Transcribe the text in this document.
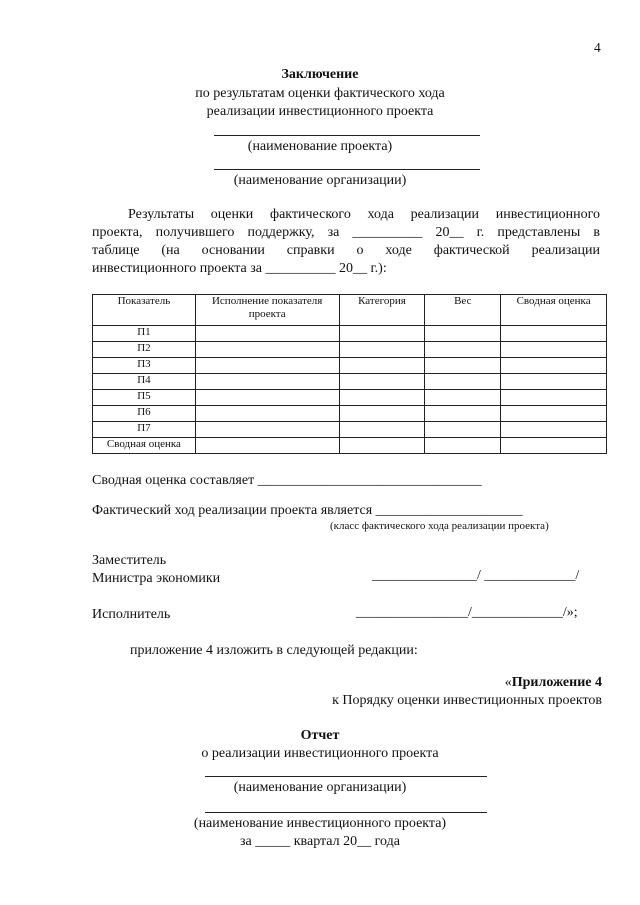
4
Заключение
по результатам оценки фактического хода
реализации инвестиционного проекта
(наименование проекта)
(наименование организации)
Результаты оценки фактического хода реализации инвестиционного
проекта, получившего поддержку, за __________ 20__ г. представлены в
таблице (на основании справки о ходе фактической реализации
инвестиционного проекта за __________ 20__ г.):
Показатель	Исполнение показателя проекта	Категория	Вес	Сводная оценка
П1				
П2				
П3				
П4				
П5				
П6				
П7				
Сводная оценка				
Сводная оценка составляет ________________________________
Фактический ход реализации проекта является _____________________
(класс фактического хода реализации проекта)
Заместитель
Министра экономики	_______________/ _____________/
Исполнитель	________________/_____________/»;
приложение 4 изложить в следующей редакции:
«Приложение 4
к Порядку оценки инвестиционных проектов
Отчет
о реализации инвестиционного проекта
(наименование организации)
(наименование инвестиционного проекта)
за _____ квартал 20__ года
